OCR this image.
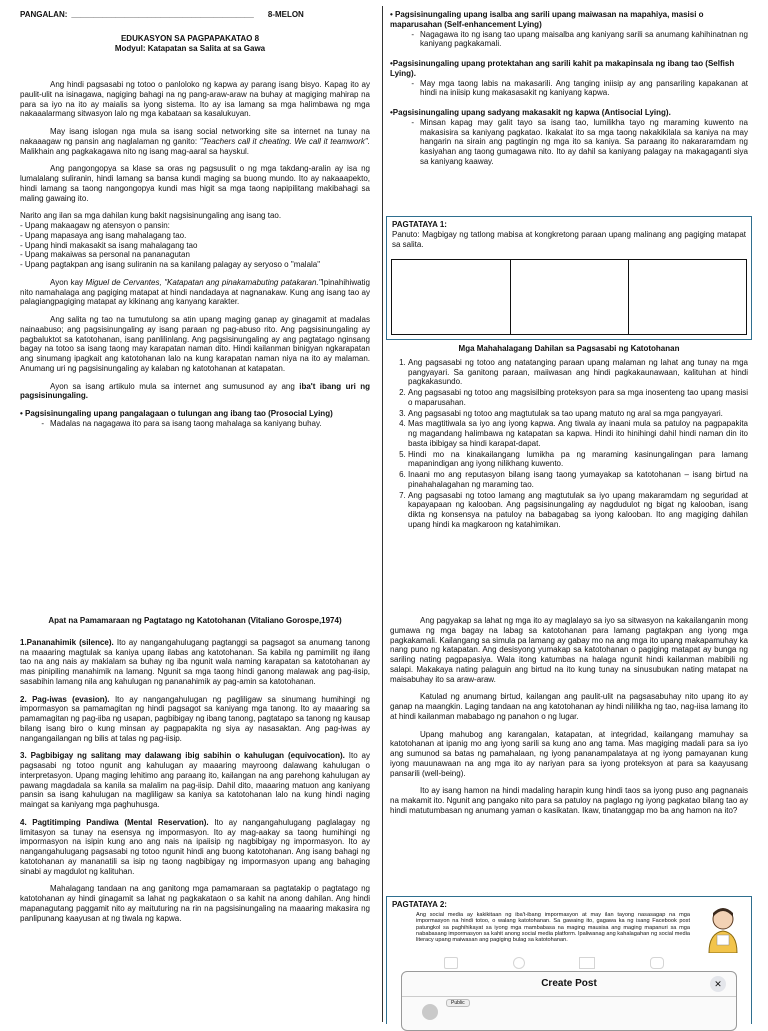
PANGALAN: _________________________________________ 8-MELON
EDUKASYON SA PAGPAPAKATAO 8
Modyul: Katapatan sa Salita at sa Gawa

Ang hindi pagsasabi ng totoo o panloloko ng kapwa ay parang isang bisyo. Kapag ito ay paulit-ulit na isinagawa, nagiging bahagi na ng pang-araw-araw na buhay at magiging mahirap na para sa iyo na ito ay maialis sa iyong sistema. Ito ay isa lamang sa mga halimbawa ng mga nakaaalarmang sitwasyon lalo ng mga kabataan sa kasalukuyan.

May isang islogan nga mula sa isang social networking site sa internet na tunay na nakaaagaw ng pansin ang naglalaman ng ganito: "Teachers call it cheating. We call it teamwork". Malikhain ang pagkakagawa nito ng isang mag-aaral sa hayskul.

Ang pangongopya sa klase sa oras ng pagsusulit o ng mga takdang-aralin ay isa ng lumalalang suliranin, hindi lamang sa bansa kundi maging sa buong mundo. Ito ay nakaaapekto, hindi lamang sa taong nangongopya kundi mas higit sa mga taong napipilitang makibahagi sa maling gawaing ito.

Narito ang ilan sa mga dahilan kung bakit nagsisinungaling ang isang tao.
- Upang makaagaw ng atensyon o pansin:
- Upang mapasaya ang isang mahalagang tao.
- Upang hindi makasakit sa isang mahalagang tao
- Upang makaiwas sa personal na pananagutan
- Upang pagtakpan ang isang suliranin na sa kanilang palagay ay seryoso o "malala"

Ayon kay Miguel de Cervantes, "Katapatan ang pinakamabuting patakaran."Ipinahihiwatig nito namahalaga ang pagiging matapat at hindi nandadaya at nagnanakaw. Kung ang isang tao ay palagiangpagiging matapat ay kikinang ang kanyang karakter.

Ang salita ng tao na tumutulong sa atin upang maging ganap ay ginagamit at madalas nainaabuso; ang pagsisinungaling ay isang paraan ng pag-abuso rito. Ang pagsisinungaling ay pagbaluktot sa katotohanan, isang panlilinlang. Ang pagsisinungaling ay ang pagtatago nginsang bagay na totoo sa isang taong may karapatan naman dito. Hindi kailanman binigyan ngkarapatan ang sinumang ipagkait ang katotohanan lalo na kung karapatan naman niya na ito ay malaman. Anumang uri ng pagsisinungaling ay kalaban ng katotohanan at katapatan.

Ayon sa isang artikulo mula sa internet ang sumusunod ay ang iba't ibang uri ng pagsisinungaling.

• Pagsisinungaling upang pangalagaan o tulungan ang ibang tao (Prosocial Lying)
- Madalas na nagagawa ito para sa isang taong mahalaga sa kaniyang buhay.
• Pagsisinungaling upang isalba ang sarili upang maiwasan na mapahiya, masisi o maparusahan (Self-enhancement Lying)
- Nagagawa ito ng isang tao upang maisalba ang kaniyang sarili sa anumang kahihinatnan ng kaniyang pagkakamali.
•Pagsisinungaling upang protektahan ang sarili kahit pa makapinsala ng ibang tao (Selfish Lying).
- May mga taong labis na makasarili. Ang tanging iniisip ay ang pansariling kapakanan at hindi na iniisip kung makasasakit ng kaniyang kapwa.
•Pagsisinungaling upang sadyang makasakit ng kapwa (Antisocial Lying).
- Minsan kapag may galit tayo sa isang tao, lumilikha tayo ng maraming kuwento na makasisira sa kaniyang pagkatao. Ikakalat ito sa mga taong nakakikilala sa kaniya na may hangarin na sirain ang pagtingin ng mga ito sa kaniya. Sa paraang ito nakararamdam ng kasiyahan ang taong gumagawa nito. Ito ay dahil sa kaniyang palagay na makagaganti siya sa kaniyang kaaway.
PAGTATAYA 1:
Panuto: Magbigay ng tatlong mabisa at kongkretong paraan upang malinang ang pagiging matapat sa salita.
Mga Mahahalagang Dahilan sa Pagsasabi ng Katotohanan
1. Ang pagsasabi ng totoo ang natatanging paraan upang malaman ng lahat ang tunay na mga pangyayari. Sa ganitong paraan, maiiwasan ang hindi pagkakaunawaan, kalituhan at hindi pagkakasundo.
2. Ang pagsasabi ng totoo ang magsisilbing proteksyon para sa mga inosenteng tao upang masisi o maparusahan.
3. Ang pagsasabi ng totoo ang magtutulak sa tao upang matuto ng aral sa mga pangyayari.
4. Mas magtitiwala sa iyo ang iyong kapwa. Ang tiwala ay inaani mula sa patuloy na pagpapakita ng magandang halimbawa ng katapatan sa kapwa. Hindi ito hinihingi dahil hindi naman din ito basta ibibigay sa hindi karapat-dapat.
5. Hindi mo na kinakailangang lumikha pa ng maraming kasinungalingan para lamang mapanindigan ang iyong nilikhang kuwento.
6. Inaani mo ang reputasyon bilang isang taong yumayakap sa katotohanan – isang birtud na pinahahalagahan ng maraming tao.
7. Ang pagsasabi ng totoo lamang ang magtutulak sa iyo upang makaramdam ng seguridad at kapayapaan ng kalooban. Ang pagsisinungaling ay nagdudulot ng bigat ng kalooban, isang dikta ng konsensya na patuloy na babagabag sa iyong kalooban. Ito ang magiging dahilan upang hindi ka magkaroon ng katahimikan.
Apat na Pamamaraan ng Pagtatago ng Katotohanan (Vitaliano Gorospe,1974)

1.Pananahimik (silence). Ito ay nangangahulugang pagtanggi sa pagsagot sa anumang tanong na maaaring magtulak sa kaniya upang ilabas ang katotohanan. Sa kabila ng pamimilit ng ilang tao na ang nais ay makialam sa buhay ng iba ngunit wala naming karapatan sa katotohanan ay mas pinipiling manahimik na lamang. Ngunit sa mga taong hindi ganong malawak ang pag-iisip, sasabihin lamang nila ang kahulugan ng pananahimik ay pag-amin sa katotohanan.

2. Pag-iwas (evasion). Ito ay nangangahulugan ng pagliligaw sa sinumang humihingi ng impormasyon sa pamamagitan ng hindi pagsagot sa kaniyang mga tanong. Ito ay maaaring sa pamamagitan ng pag-iiba ng usapan, pagbibigay ng ibang tanong, pagtatapo sa tanong ng kausap bilang isang biro o kung minsan ay pagpapakita ng siya ay nasasaktan. Ang pag-iwas ay nangangailangan ng bilis at talas ng pag-iisip.

3. Pagbibigay ng salitang may dalawang ibig sabihin o kahulugan (equivocation). Ito ay pagsasabi ng totoo ngunit ang kahulugan ay maaaring mayroong dalawang kahulugan o interpretasyon. Upang maging lehitimo ang paraang ito, kailangan na ang parehong kahulugan ay pawang magdadala sa kanila sa malalim na pag-iisip. Dahil dito, maaaring matuon ang kaniyang pansin sa isang kahulugan na magliligaw sa kaniya sa katotohanan lalo na kung hindi naging maingat sa kaniyang mga paghuhusga.

4. Pagtitimping Pandiwa (Mental Reservation). Ito ay nangangahulugang paglalagay ng limitasyon sa tunay na esensya ng impormasyon. Ito ay mag-aakay sa taong humihingi ng impormasyon na isipin kung ano ang nais na ipaiisip ng nagbibigay ng impormasyon. Ito ay nangangahulugang pagsasabi ng totoo ngunit hindi ang buong katotohanan. Ang isang bahagi ng katotohanan ay mananatili sa isip ng taong nagbibigay ng impormasyon upang ang bahaging sinabi ay magdulot ng kalituhan.

Mahalagang tandaan na ang ganitong mga pamamaraan sa pagtatakip o pagtatago ng katotohanan ay hindi ginagamit sa lahat ng pagkakataon o sa kahit na anong dahilan. Ang hindi mapanagutang paggamit nito ay maituturing na rin na pagsisinungaling na maaaring makasira ng panlipunang kaayusan at ng tiwala ng kapwa.

Ang pagyakap sa lahat ng mga ito ay maglalayo sa iyo sa sitwasyon na kakailanganin mong gumawa ng mga bagay na labag sa katotohanan para lamang pagtakpan ang iyong mga pagkakamali. Kailangang sa simula pa lamang ay gabay mo na ang mga ito upang makapamuhay ka nang puno ng katapatan. Ang desisyong yumakap sa katotohanan o pagiging matapat ay bunga ng sariling nating pagpapasiya. Wala itong katumbas na halaga ngunit hindi kailanman mabibili ng salapi. Makakaya nating palaguin ang birtud na ito kung tunay na sinusubukan nating matapat na maisabuhay ito sa araw-araw.

Katulad ng anumang birtud, kailangan ang paulit-ulit na pagsasabuhay nito upang ito ay ganap na maangkin. Laging tandaan na ang katotohanan ay hindi nililikha ng tao, nag-iisa lamang ito at hindi kailanman mababago ng panahon o ng lugar.

Upang mahubog ang karangalan, katapatan, at integridad, kailangang mamuhay sa katotohanan at ipanig mo ang iyong sarili sa kung ano ang tama. Mas magiging madali para sa iyo ang sumunod sa batas ng pamahalaan, ng iyong pananampalataya at ng iyong pamayanan kung iyong mauunawaan na ang mga ito ay nariyan para sa iyong proteksyon at para sa kaayusang pansarili (well-being).

Ito ay isang hamon na hindi madaling harapin kung hindi taos sa iyong puso ang pagnanais na makamit ito. Ngunit ang pangako nito para sa patuloy na paglago ng iyong pagkatao bilang tao ay hindi matutumbasan ng anumang yaman o kasikatan. Ikaw, tinatanggap mo ba ang hamon na ito?

PAGTATAYA 2:
Ang social media ay kakikitaan ng iba't-ibang impormasyon at may ilan tayong nasasagap na mga impormasyon na hindi totoo, o walang katotohanan. Sa gawaing ito, gagawa ka ng isang Facebook post patungkol sa paghihikayat sa iyong mga mambabasa na maging mausisa ang maging mapanuri sa mga nababasang impormasyon sa kahit anong social media platform. Ipaliwanag ang kahalagahan ng social media literacy upang maiwasan ang pagiging bulag sa katotohanan.
Create Post	✕
Public
